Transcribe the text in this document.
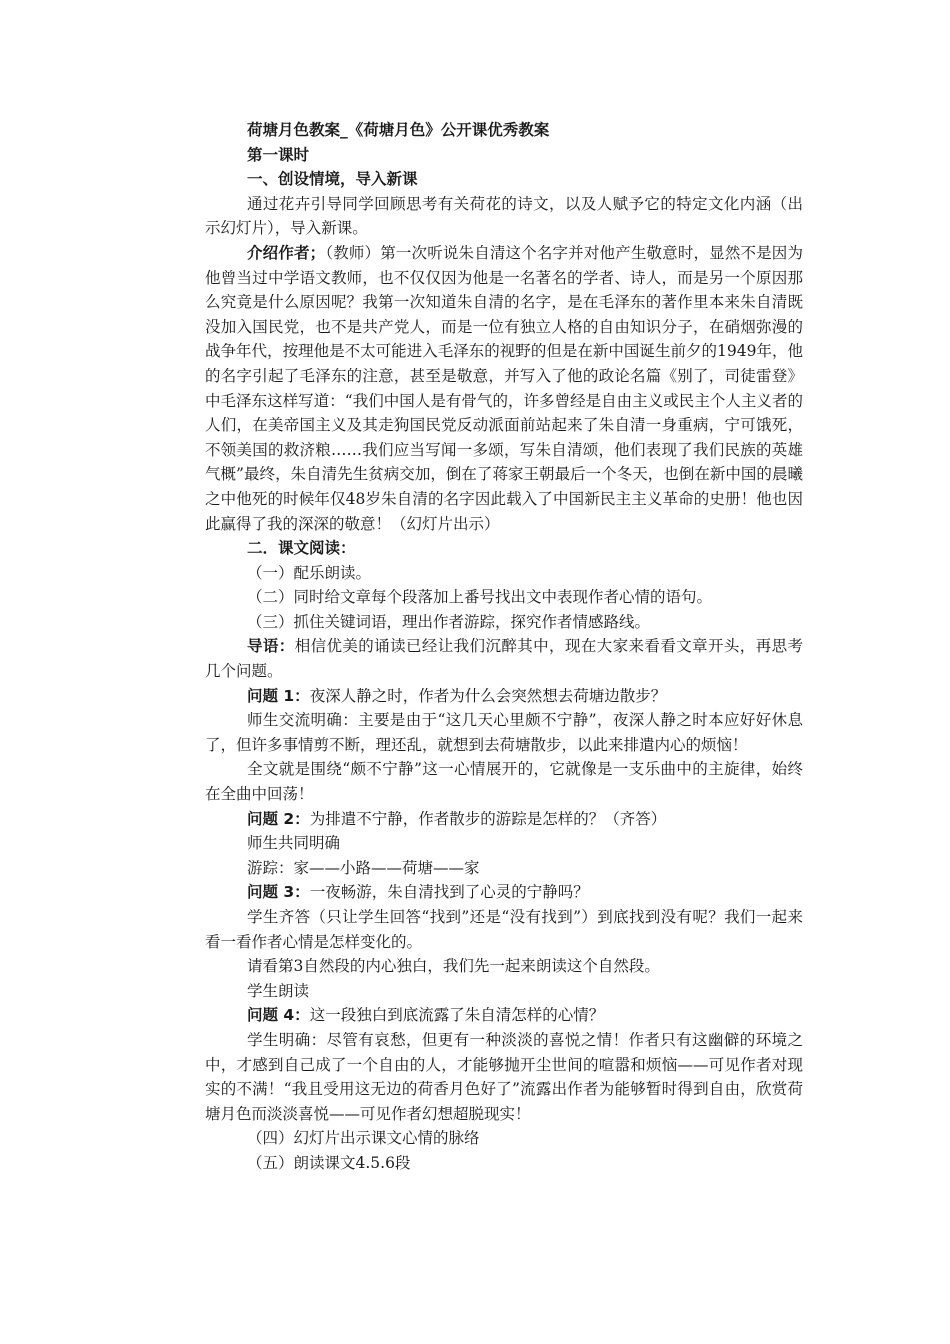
荷塘月色教案_《荷塘月色》公开课优秀教案

第一课时

一、创设情境，导入新课

通过花卉引导同学回顾思考有关荷花的诗文，以及人赋予它的特定文化内涵（出示幻灯片），导入新课。

介绍作者；（教师）第一次听说朱自清这个名字并对他产生敬意时，显然不是因为他曾当过中学语文教师，也不仅仅因为他是一名著名的学者、诗人，而是另一个原因那么究竟是什么原因呢？我第一次知道朱自清的名字，是在毛泽东的著作里本来朱自清既没加入国民党，也不是共产党人，而是一位有独立人格的自由知识分子，在硝烟弥漫的战争年代，按理他是不太可能进入毛泽东的视野的但是在新中国诞生前夕的1949年，他的名字引起了毛泽东的注意，甚至是敬意，并写入了他的政论名篇《别了，司徒雷登》中毛泽东这样写道：“我们中国人是有骨气的，许多曾经是自由主义或民主个人主义者的人们，在美帝国主义及其走狗国民党反动派面前站起来了朱自清一身重病，宁可饿死，不领美国的救济粮……我们应当写闻一多颂，写朱自清颂，他们表现了我们民族的英雄气概”最终，朱自清先生贫病交加，倒在了蒋家王朝最后一个冬天，也倒在新中国的晨曦之中他死的时候年仅48岁朱自清的名字因此载入了中国新民主主义革命的史册！他也因此赢得了我的深深的敬意！（幻灯片出示）

二．课文阅读：

（一）配乐朗读。

（二）同时给文章每个段落加上番号找出文中表现作者心情的语句。

（三）抓住关键词语，理出作者游踪，探究作者情感路线。

导语：相信优美的诵读已经让我们沉醉其中，现在大家来看看文章开头，再思考几个问题。

问题 1：夜深人静之时，作者为什么会突然想去荷塘边散步？

师生交流明确：主要是由于“这几天心里颇不宁静”，夜深人静之时本应好好休息了，但许多事情剪不断，理还乱，就想到去荷塘散步，以此来排遣内心的烦恼！

全文就是围绕“颇不宁静”这一心情展开的，它就像是一支乐曲中的主旋律，始终在全曲中回荡！

问题 2：为排遣不宁静，作者散步的游踪是怎样的？（齐答）

师生共同明确

游踪：家——小路——荷塘——家

问题 3：一夜畅游，朱自清找到了心灵的宁静吗？

学生齐答（只让学生回答“找到”还是“没有找到”）到底找到没有呢？我们一起来看一看作者心情是怎样变化的。

请看第3自然段的内心独白，我们先一起来朗读这个自然段。

学生朗读

问题 4：这一段独白到底流露了朱自清怎样的心情？

学生明确：尽管有哀愁，但更有一种淡淡的喜悦之情！作者只有这幽僻的环境之中，才感到自己成了一个自由的人，才能够抛开尘世间的喧嚣和烦恼——可见作者对现实的不满！“我且受用这无边的荷香月色好了”流露出作者为能够暂时得到自由，欣赏荷塘月色而淡淡喜悦——可见作者幻想超脱现实！

（四）幻灯片出示课文心情的脉络

（五）朗读课文4.5.6段
